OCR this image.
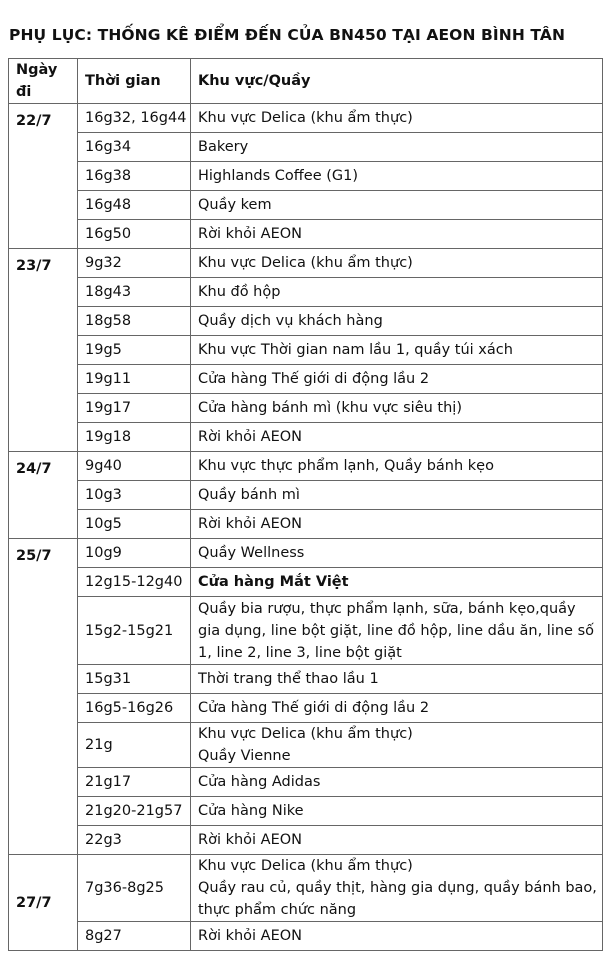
PHỤ LỤC: THỐNG KÊ ĐIỂM ĐẾN CỦA BN450 TẠI AEON BÌNH TÂN
Ngày đi	Thời gian	Khu vực/Quầy
22/7	16g32, 16g44	Khu vực Delica (khu ẩm thực)

	16g34	Bakery

	16g38	Highlands Coffee (G1)

	16g48	Quầy kem

	16g50	Rời khỏi AEON

23/7	9g32	Khu vực Delica (khu ẩm thực)

	18g43	Khu đồ hộp

	18g58	Quầy dịch vụ khách hàng

	19g5	Khu vực Thời gian nam lầu 1, quầy túi xách

	19g11	Cửa hàng Thế giới di động lầu 2

	19g17	Cửa hàng bánh mì (khu vực siêu thị)

	19g18	Rời khỏi AEON

24/7	9g40	Khu vực thực phẩm lạnh, Quầy bánh kẹo

	10g3	Quầy bánh mì

	10g5	Rời khỏi AEON

25/7	10g9	Quầy Wellness

	12g15-12g40	Cửa hàng Mắt Việt

	15g2-15g21	Quầy bia rượu, thực phẩm lạnh, sữa, bánh kẹo,quầy gia dụng, line bột giặt, line đồ hộp, line dầu ăn, line số 1, line 2, line 3, line bột giặt

	15g31	Thời trang thể thao lầu 1

	16g5-16g26	Cửa hàng Thế giới di động lầu 2

	21g	Khu vực Delica (khu ẩm thực)
Quầy Vienne

	21g17	Cửa hàng Adidas

	21g20-21g57	Cửa hàng Nike

	22g3	Rời khỏi AEON

27/7	7g36-8g25	Khu vực Delica (khu ẩm thực)
Quầy rau củ, quầy thịt, hàng gia dụng, quầy bánh bao, thực phẩm chức năng

	8g27	Rời khỏi AEON
